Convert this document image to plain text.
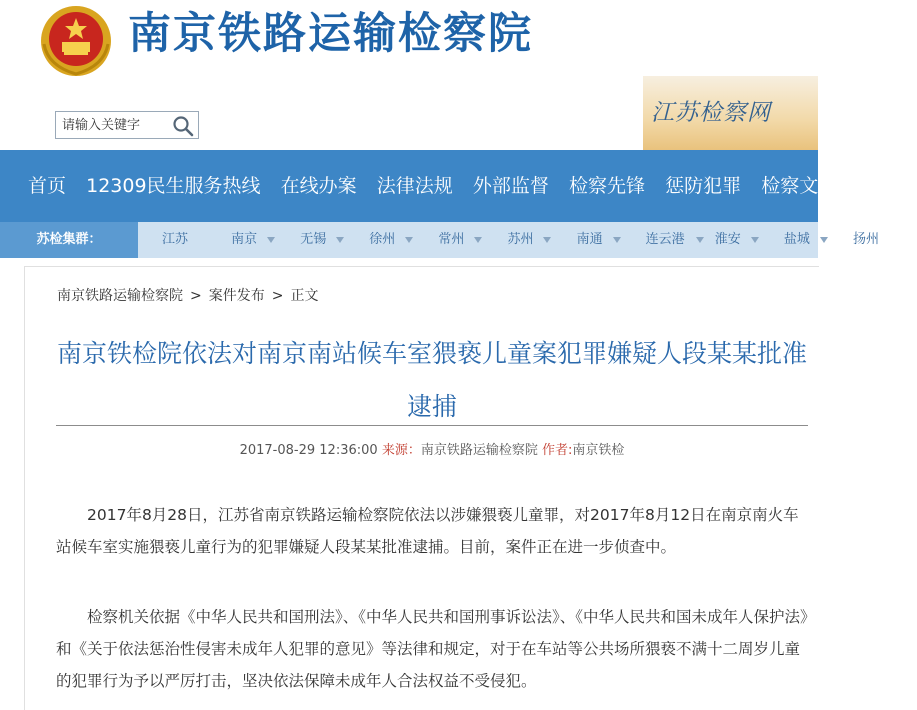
南京铁路运输检察院
请输入关键字
江苏检察网
首页 12309民生服务热线 在线办案 法律法规 外部监督 检察先锋 惩防犯罪 检察文化
苏检集群：	江苏	南京	无锡	徐州	常州	苏州	南通	连云港 淮安	盐城	扬州
南京铁路运输检察院 > 案件发布 > 正文
南京铁检院依法对南京南站候车室猥亵儿童案犯罪嫌疑人段某某批准逮捕
2017-08-29 12:36:00 来源：南京铁路运输检察院 作者:南京铁检
2017年8月28日，江苏省南京铁路运输检察院依法以涉嫌猥亵儿童罪，对2017年8月12日在南京南火车站候车室实施猥亵儿童行为的犯罪嫌疑人段某某批准逮捕。目前，案件正在进一步侦查中。
检察机关依据《中华人民共和国刑法》、《中华人民共和国刑事诉讼法》、《中华人民共和国未成年人保护法》和《关于依法惩治性侵害未成年人犯罪的意见》等法律和规定，对于在车站等公共场所猥亵不满十二周岁儿童的犯罪行为予以严厉打击，坚决依法保障未成年人合法权益不受侵犯。
